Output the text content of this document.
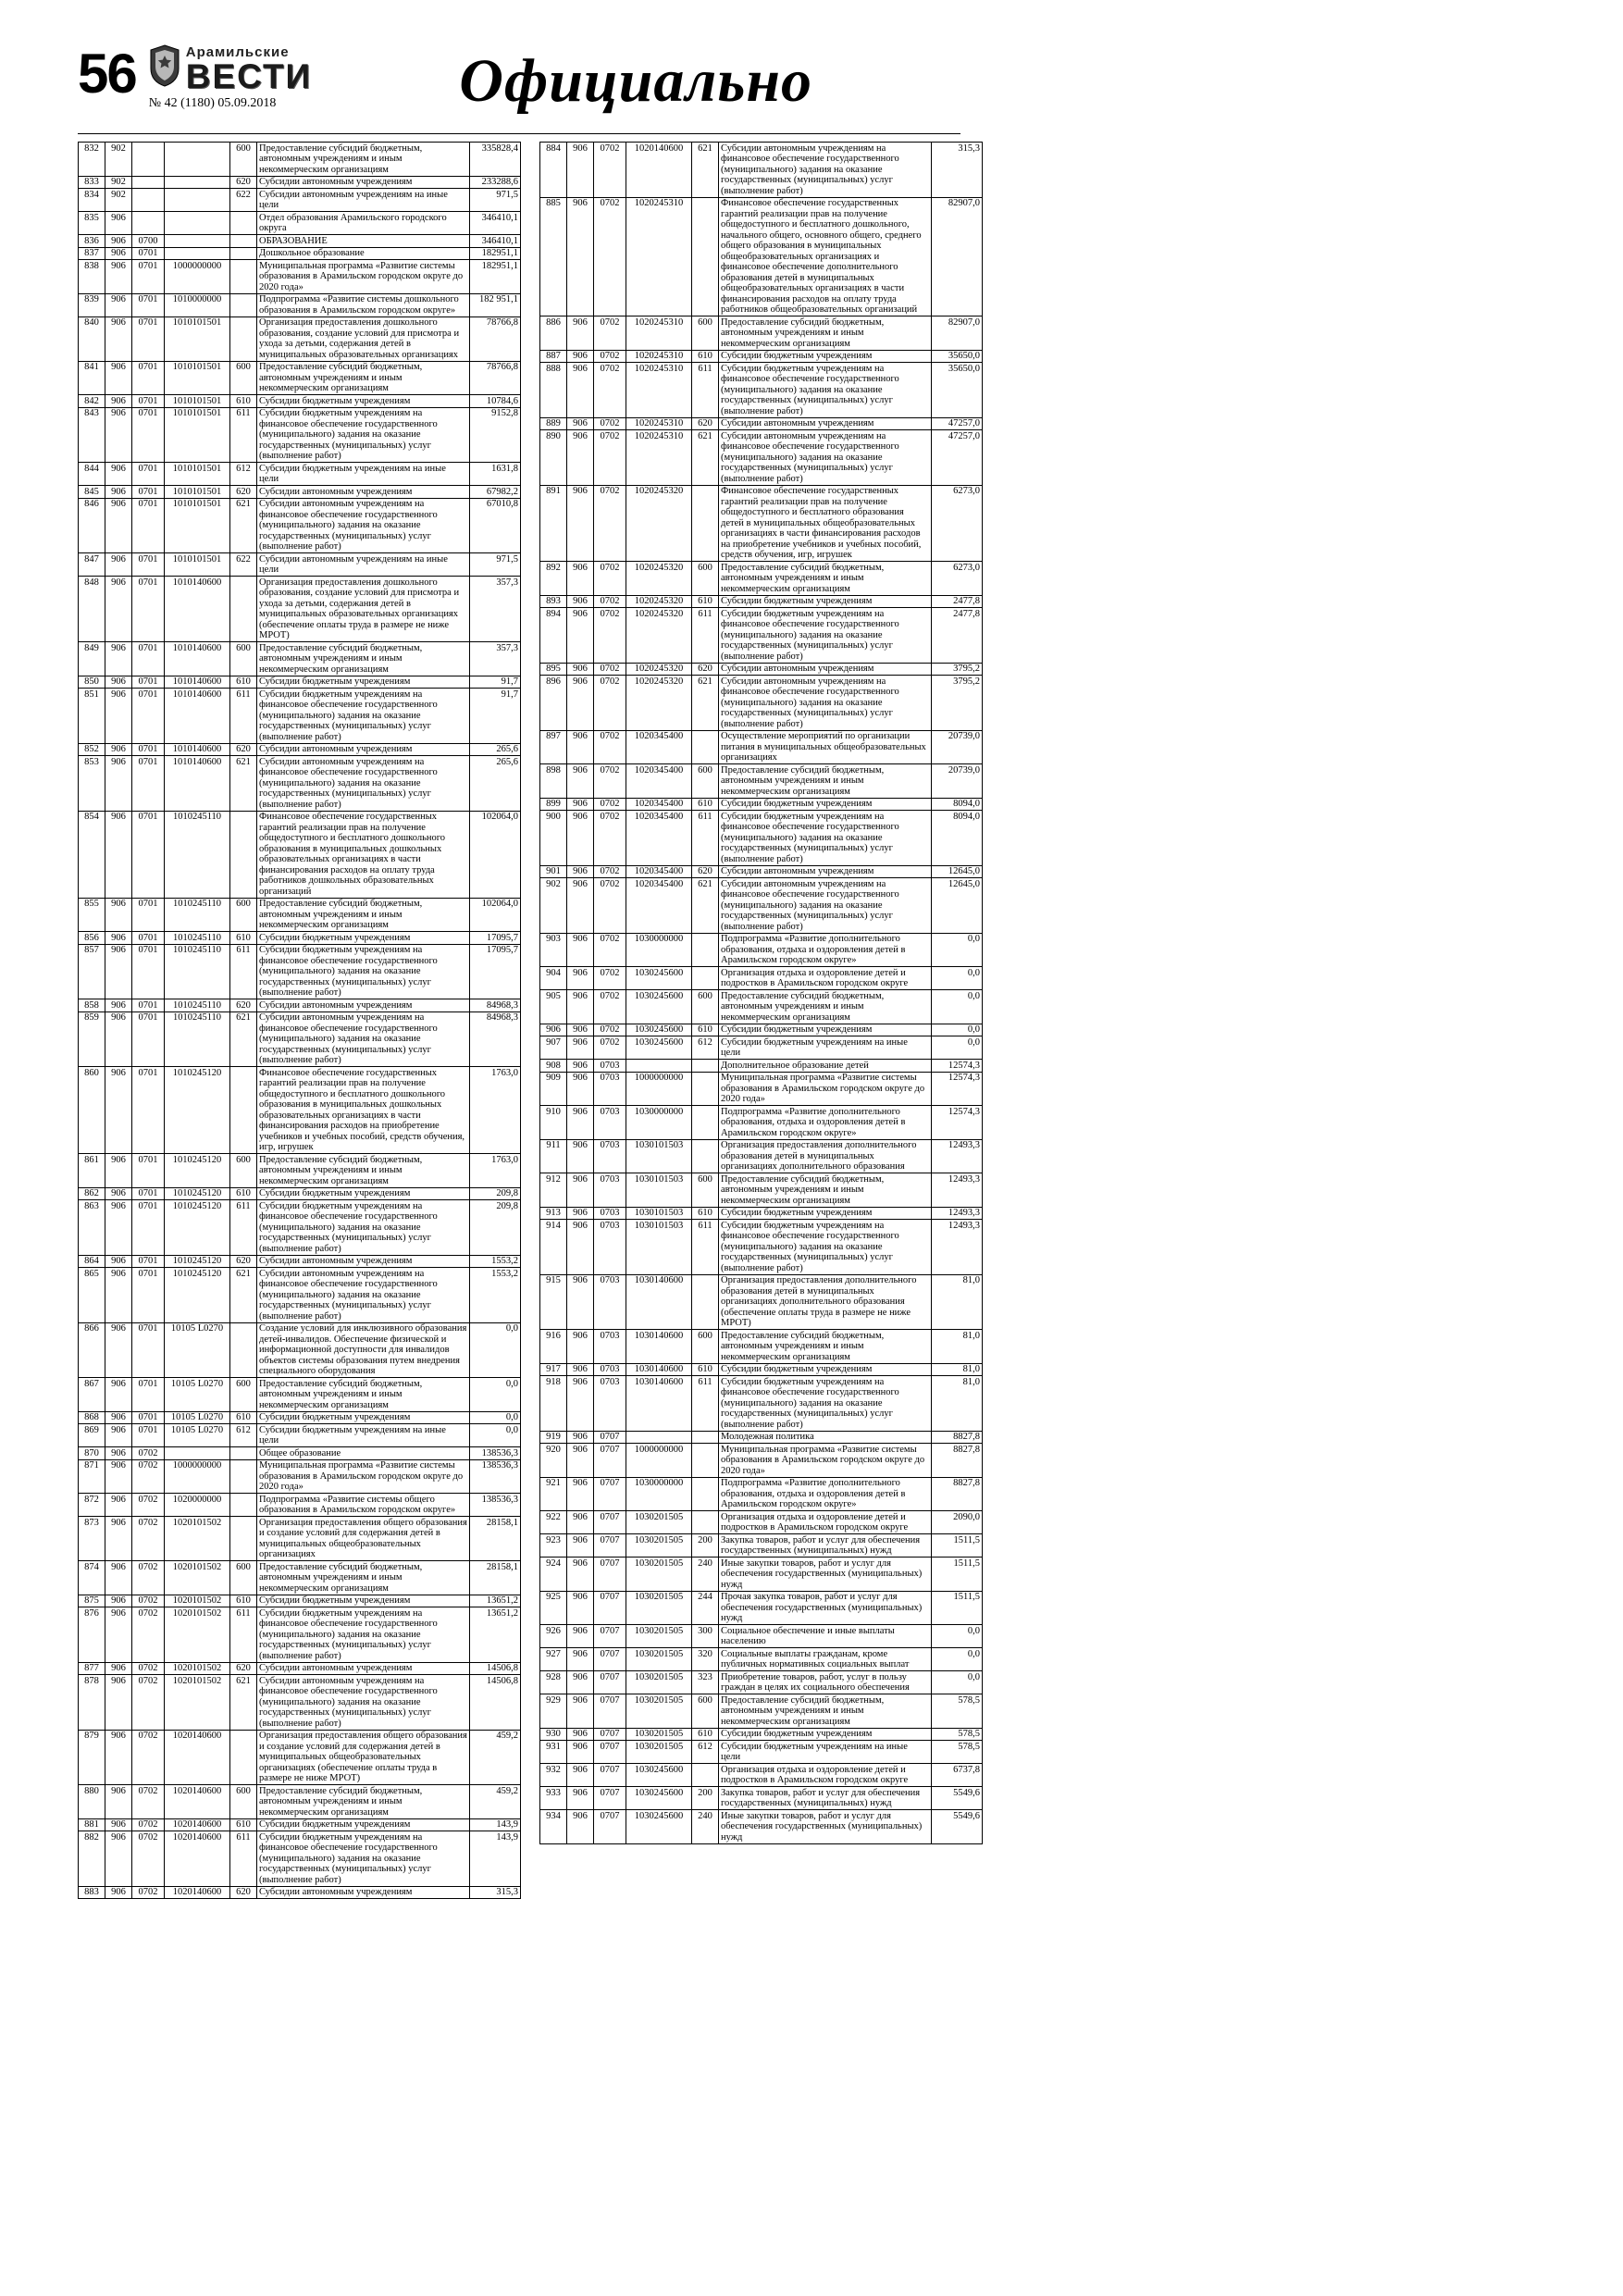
56	Арамильские
ВЕСТИ
№ 42 (1180) 05.09.2018	Официально
832	902			600	Предоставление субсидий бюджетным, автономным учреждениям и иным некоммерческим организациям	335828,4
833	902			620	Субсидии автономным учреждениям	233288,6
834	902			622	Субсидии автономным учреждениям на иные цели	971,5
835	906				Отдел образования Арамильского городского округа	346410,1
836	906	0700			ОБРАЗОВАНИЕ	346410,1
837	906	0701			Дошкольное образование	182951,1
838	906	0701	1000000000		Муниципальная программа «Развитие системы образования в Арамильском городском округе до 2020 года»	182951,1
839	906	0701	1010000000		Подпрограмма «Развитие системы дошкольного образования в Арамильском городском округе»	182 951,1
840	906	0701	1010101501		Организация предоставления дошкольного образования, создание условий для присмотра и ухода за детьми, содержания детей в муниципальных образовательных организациях	78766,8
841	906	0701	1010101501	600	Предоставление субсидий бюджетным, автономным учреждениям и иным некоммерческим организациям	78766,8
842	906	0701	1010101501	610	Субсидии бюджетным учреждениям	10784,6
843	906	0701	1010101501	611	Субсидии бюджетным учреждениям на финансовое обеспечение государственного (муниципального) задания на оказание государственных (муниципальных) услуг (выполнение работ)	9152,8
844	906	0701	1010101501	612	Субсидии бюджетным учреждениям на иные цели	1631,8
845	906	0701	1010101501	620	Субсидии автономным учреждениям	67982,2
846	906	0701	1010101501	621	Субсидии автономным учреждениям на финансовое обеспечение государственного (муниципального) задания на оказание государственных (муниципальных) услуг (выполнение работ)	67010,8
847	906	0701	1010101501	622	Субсидии автономным учреждениям на иные цели	971,5
848	906	0701	1010140600		Организация предоставления дошкольного образования, создание условий для присмотра и ухода за детьми, содержания детей в муниципальных образовательных организациях (обеспечение оплаты труда в размере не ниже МРОТ)	357,3
849	906	0701	1010140600	600	Предоставление субсидий бюджетным, автономным учреждениям и иным некоммерческим организациям	357,3
850	906	0701	1010140600	610	Субсидии бюджетным учреждениям	91,7
851	906	0701	1010140600	611	Субсидии бюджетным учреждениям на финансовое обеспечение государственного (муниципального) задания на оказание государственных (муниципальных) услуг (выполнение работ)	91,7
852	906	0701	1010140600	620	Субсидии автономным учреждениям	265,6
853	906	0701	1010140600	621	Субсидии автономным учреждениям на финансовое обеспечение государственного (муниципального) задания на оказание государственных (муниципальных) услуг (выполнение работ)	265,6
854	906	0701	1010245110		Финансовое обеспечение государственных гарантий реализации прав на получение общедоступного и бесплатного дошкольного образования в муниципальных дошкольных образовательных организациях в части финансирования расходов на оплату труда работников дошкольных образовательных организаций	102064,0
855	906	0701	1010245110	600	Предоставление субсидий бюджетным, автономным учреждениям и иным некоммерческим организациям	102064,0
856	906	0701	1010245110	610	Субсидии бюджетным учреждениям	17095,7
857	906	0701	1010245110	611	Субсидии бюджетным учреждениям на финансовое обеспечение государственного (муниципального) задания на оказание государственных (муниципальных) услуг (выполнение работ)	17095,7
858	906	0701	1010245110	620	Субсидии автономным учреждениям	84968,3
859	906	0701	1010245110	621	Субсидии автономным учреждениям на финансовое обеспечение государственного (муниципального) задания на оказание государственных (муниципальных) услуг (выполнение работ)	84968,3
860	906	0701	1010245120		Финансовое обеспечение государственных гарантий реализации прав на получение общедоступного и бесплатного дошкольного образования в муниципальных дошкольных образовательных организациях в части финансирования расходов на приобретение учебников и учебных пособий, средств обучения, игр, игрушек	1763,0
861	906	0701	1010245120	600	Предоставление субсидий бюджетным, автономным учреждениям и иным некоммерческим организациям	1763,0
862	906	0701	1010245120	610	Субсидии бюджетным учреждениям	209,8
863	906	0701	1010245120	611	Субсидии бюджетным учреждениям на финансовое обеспечение государственного (муниципального) задания на оказание государственных (муниципальных) услуг (выполнение работ)	209,8
864	906	0701	1010245120	620	Субсидии автономным учреждениям	1553,2
865	906	0701	1010245120	621	Субсидии автономным учреждениям на финансовое обеспечение государственного (муниципального) задания на оказание государственных (муниципальных) услуг (выполнение работ)	1553,2
866	906	0701	10105 L0270		Создание условий для инклюзивного образования детей-инвалидов. Обеспечение физической и информационной доступности для инвалидов объектов системы образования путем внедрения специального оборудования	0,0
867	906	0701	10105 L0270	600	Предоставление субсидий бюджетным, автономным учреждениям и иным некоммерческим организациям	0,0
868	906	0701	10105 L0270	610	Субсидии бюджетным учреждениям	0,0
869	906	0701	10105 L0270	612	Субсидии бюджетным учреждениям на иные цели	0,0
870	906	0702			Общее образование	138536,3
871	906	0702	1000000000		Муниципальная программа «Развитие системы образования в Арамильском городском округе до 2020 года»	138536,3
872	906	0702	1020000000		Подпрограмма «Развитие системы общего образования в Арамильском городском округе»	138536,3
873	906	0702	1020101502		Организация предоставления общего образования и создание условий для содержания детей в муниципальных общеобразовательных организациях	28158,1
874	906	0702	1020101502	600	Предоставление субсидий бюджетным, автономным учреждениям и иным некоммерческим организациям	28158,1
875	906	0702	1020101502	610	Субсидии бюджетным учреждениям	13651,2
876	906	0702	1020101502	611	Субсидии бюджетным учреждениям на финансовое обеспечение государственного (муниципального) задания на оказание государственных (муниципальных) услуг (выполнение работ)	13651,2
877	906	0702	1020101502	620	Субсидии автономным учреждениям	14506,8
878	906	0702	1020101502	621	Субсидии автономным учреждениям на финансовое обеспечение государственного (муниципального) задания на оказание государственных (муниципальных) услуг (выполнение работ)	14506,8
879	906	0702	1020140600		Организация предоставления общего образования и создание условий для содержания детей в муниципальных общеобразовательных организациях (обеспечение оплаты труда в размере не ниже МРОТ)	459,2
880	906	0702	1020140600	600	Предоставление субсидий бюджетным, автономным учреждениям и иным некоммерческим организациям	459,2
881	906	0702	1020140600	610	Субсидии бюджетным учреждениям	143,9
882	906	0702	1020140600	611	Субсидии бюджетным учреждениям на финансовое обеспечение государственного (муниципального) задания на оказание государственных (муниципальных) услуг (выполнение работ)	143,9
883	906	0702	1020140600	620	Субсидии автономным учреждениям	315,3
884	906	0702	1020140600	621	Субсидии автономным учреждениям на финансовое обеспечение государственного (муниципального) задания на оказание государственных (муниципальных) услуг (выполнение работ)	315,3
885	906	0702	1020245310		Финансовое обеспечение государственных гарантий реализации прав на получение общедоступного и бесплатного дошкольного, начального общего, основного общего, среднего общего образования в муниципальных общеобразовательных организациях и финансовое обеспечение дополнительного образования детей в муниципальных общеобразовательных организациях в части финансирования расходов на оплату труда работников общеобразовательных организаций	82907,0
886	906	0702	1020245310	600	Предоставление субсидий бюджетным, автономным учреждениям и иным некоммерческим организациям	82907,0
887	906	0702	1020245310	610	Субсидии бюджетным учреждениям	35650,0
888	906	0702	1020245310	611	Субсидии бюджетным учреждениям на финансовое обеспечение государственного (муниципального) задания на оказание государственных (муниципальных) услуг (выполнение работ)	35650,0
889	906	0702	1020245310	620	Субсидии автономным учреждениям	47257,0
890	906	0702	1020245310	621	Субсидии автономным учреждениям на финансовое обеспечение государственного (муниципального) задания на оказание государственных (муниципальных) услуг (выполнение работ)	47257,0
891	906	0702	1020245320		Финансовое обеспечение государственных гарантий реализации прав на получение общедоступного и бесплатного образования детей в муниципальных общеобразовательных организациях в части финансирования расходов на приобретение учебников и учебных пособий, средств обучения, игр, игрушек	6273,0
892	906	0702	1020245320	600	Предоставление субсидий бюджетным, автономным учреждениям и иным некоммерческим организациям	6273,0
893	906	0702	1020245320	610	Субсидии бюджетным учреждениям	2477,8
894	906	0702	1020245320	611	Субсидии бюджетным учреждениям на финансовое обеспечение государственного (муниципального) задания на оказание государственных (муниципальных) услуг (выполнение работ)	2477,8
895	906	0702	1020245320	620	Субсидии автономным учреждениям	3795,2
896	906	0702	1020245320	621	Субсидии автономным учреждениям на финансовое обеспечение государственного (муниципального) задания на оказание государственных (муниципальных) услуг (выполнение работ)	3795,2
897	906	0702	1020345400		Осуществление мероприятий по организации питания в муниципальных общеобразовательных организациях	20739,0
898	906	0702	1020345400	600	Предоставление субсидий бюджетным, автономным учреждениям и иным некоммерческим организациям	20739,0
899	906	0702	1020345400	610	Субсидии бюджетным учреждениям	8094,0
900	906	0702	1020345400	611	Субсидии бюджетным учреждениям на финансовое обеспечение государственного (муниципального) задания на оказание государственных (муниципальных) услуг (выполнение работ)	8094,0
901	906	0702	1020345400	620	Субсидии автономным учреждениям	12645,0
902	906	0702	1020345400	621	Субсидии автономным учреждениям на финансовое обеспечение государственного (муниципального) задания на оказание государственных (муниципальных) услуг (выполнение работ)	12645,0
903	906	0702	1030000000		Подпрограмма «Развитие дополнительного образования, отдыха и оздоровления детей в Арамильском городском округе»	0,0
904	906	0702	1030245600		Организация отдыха и оздоровление детей и подростков в Арамильском городском округе	0,0
905	906	0702	1030245600	600	Предоставление субсидий бюджетным, автономным учреждениям и иным некоммерческим организациям	0,0
906	906	0702	1030245600	610	Субсидии бюджетным учреждениям	0,0
907	906	0702	1030245600	612	Субсидии бюджетным учреждениям на иные цели	0,0
908	906	0703			Дополнительное образование детей	12574,3
909	906	0703	1000000000		Муниципальная программа «Развитие системы образования в Арамильском городском округе до 2020 года»	12574,3
910	906	0703	1030000000		Подпрограмма «Развитие дополнительного образования, отдыха и оздоровления детей в Арамильском городском округе»	12574,3
911	906	0703	1030101503		Организация предоставления дополнительного образования детей в муниципальных организациях дополнительного образования	12493,3
912	906	0703	1030101503	600	Предоставление субсидий бюджетным, автономным учреждениям и иным некоммерческим организациям	12493,3
913	906	0703	1030101503	610	Субсидии бюджетным учреждениям	12493,3
914	906	0703	1030101503	611	Субсидии бюджетным учреждениям на финансовое обеспечение государственного (муниципального) задания на оказание государственных (муниципальных) услуг (выполнение работ)	12493,3
915	906	0703	1030140600		Организация предоставления дополнительного образования детей в муниципальных организациях дополнительного образования (обеспечение оплаты труда в размере не ниже МРОТ)	81,0
916	906	0703	1030140600	600	Предоставление субсидий бюджетным, автономным учреждениям и иным некоммерческим организациям	81,0
917	906	0703	1030140600	610	Субсидии бюджетным учреждениям	81,0
918	906	0703	1030140600	611	Субсидии бюджетным учреждениям на финансовое обеспечение государственного (муниципального) задания на оказание государственных (муниципальных) услуг (выполнение работ)	81,0
919	906	0707			Молодежная политика	8827,8
920	906	0707	1000000000		Муниципальная программа «Развитие системы образования в Арамильском городском округе до 2020 года»	8827,8
921	906	0707	1030000000		Подпрограмма «Развитие дополнительного образования, отдыха и оздоровления детей в Арамильском городском округе»	8827,8
922	906	0707	1030201505		Организация отдыха и оздоровление детей и подростков в Арамильском городском округе	2090,0
923	906	0707	1030201505	200	Закупка товаров, работ и услуг для обеспечения государственных (муниципальных) нужд	1511,5
924	906	0707	1030201505	240	Иные закупки товаров, работ и услуг для обеспечения государственных (муниципальных) нужд	1511,5
925	906	0707	1030201505	244	Прочая закупка товаров, работ и услуг для обеспечения государственных (муниципальных) нужд	1511,5
926	906	0707	1030201505	300	Социальное обеспечение и иные выплаты населению	0,0
927	906	0707	1030201505	320	Социальные выплаты гражданам, кроме публичных нормативных социальных выплат	0,0
928	906	0707	1030201505	323	Приобретение товаров, работ, услуг в пользу граждан в целях их социального обеспечения	0,0
929	906	0707	1030201505	600	Предоставление субсидий бюджетным, автономным учреждениям и иным некоммерческим организациям	578,5
930	906	0707	1030201505	610	Субсидии бюджетным учреждениям	578,5
931	906	0707	1030201505	612	Субсидии бюджетным учреждениям на иные цели	578,5
932	906	0707	1030245600		Организация отдыха и оздоровление детей и подростков в Арамильском городском округе	6737,8
933	906	0707	1030245600	200	Закупка товаров, работ и услуг для обеспечения государственных (муниципальных) нужд	5549,6
934	906	0707	1030245600	240	Иные закупки товаров, работ и услуг для обеспечения государственных (муниципальных) нужд	5549,6
